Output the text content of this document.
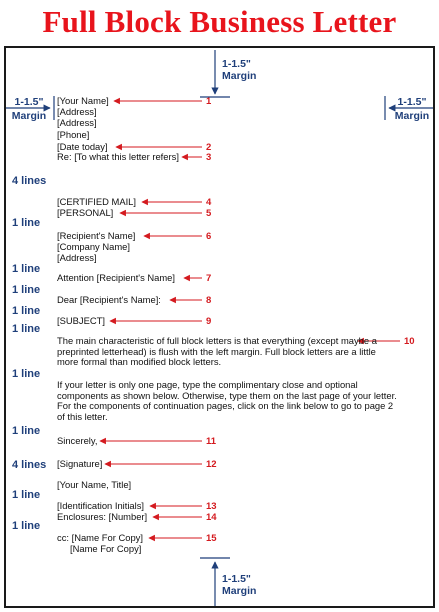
Full Block Business Letter
1-1.5"
Margin
1-1.5"
Margin
1-1.5"
Margin
1-1.5"
Margin
4 lines
1 line
1 line
1 line
1 line
1 line
1 line
1 line
4 lines
1 line
1 line
[Your Name]
[Address]
[Address]
[Phone]
[Date today]
Re: [To what this letter refers]
[CERTIFIED MAIL]
[PERSONAL]
[Recipient's Name]
[Company Name]
[Address]
Attention [Recipient's Name]
Dear [Recipient's Name]:
[SUBJECT]
The main characteristic of full block letters is that everything (except maybe a preprinted letterhead) is flush with the left margin. Full block letters are a little more formal than modified block letters.
If your letter is only one page, type the complimentary close and optional components as shown below. Otherwise, type them on the last page of your letter. For the components of continuation pages, click on the link below to go to page 2 of this letter.
Sincerely,
[Signature]
[Your Name, Title]
[Identification Initials]
Enclosures: [Number]
cc: [Name For Copy]
[Name For Copy]
1
2
3
4
5
6
7
8
9
10
11
12
13
14
15
